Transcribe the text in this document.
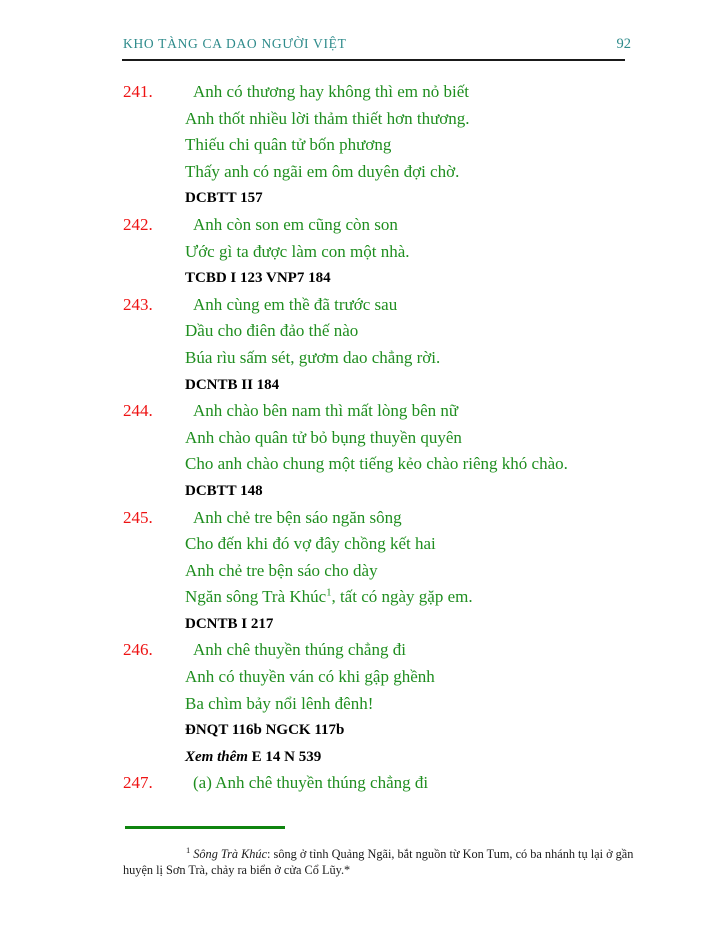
KHO TÀNG CA DAO NGƯỜI VIỆT	92
241.	Anh có thương hay không thì em nỏ biết
Anh thốt nhiều lời thảm thiết hơn thương.
Thiếu chi quân tử bốn phương
Thấy anh có ngãi em ôm duyên đợi chờ.
DCBTT 157
242.	Anh còn son em cũng còn son
Ước gì ta được làm con một nhà.
TCBD I 123 VNP7 184
243.	Anh cùng em thề đã trước sau
Dầu cho điên đảo thế nào
Búa rìu sấm sét, gươm dao chẳng rời.
DCNTB II 184
244.	Anh chào bên nam thì mất lòng bên nữ
Anh chào quân tử bỏ bụng thuyền quyên
Cho anh chào chung một tiếng kẻo chào riêng khó chào.
DCBTT 148
245.	Anh chẻ tre bện sáo ngăn sông
Cho đến khi đó vợ đây chồng kết hai
Anh chẻ tre bện sáo cho dày
Ngăn sông Trà Khúc$^1$, tất có ngày gặp em.
DCNTB I 217
246.	Anh chê thuyền thúng chẳng đi
Anh có thuyền ván có khi gập ghềnh
Ba chìm bảy nổi lênh đênh!
ĐNQT 116b NGCK 117b
Xem thêm E 14 N 539
247.	(a) Anh chê thuyền thúng chẳng đi

$^1$ Sông Trà Khúc: sông ở tỉnh Quảng Ngãi, bắt nguồn từ Kon Tum, có ba nhánh tụ lại ở gần huyện lị Sơn Trà, chảy ra biển ở cửa Cổ Lũy.*
